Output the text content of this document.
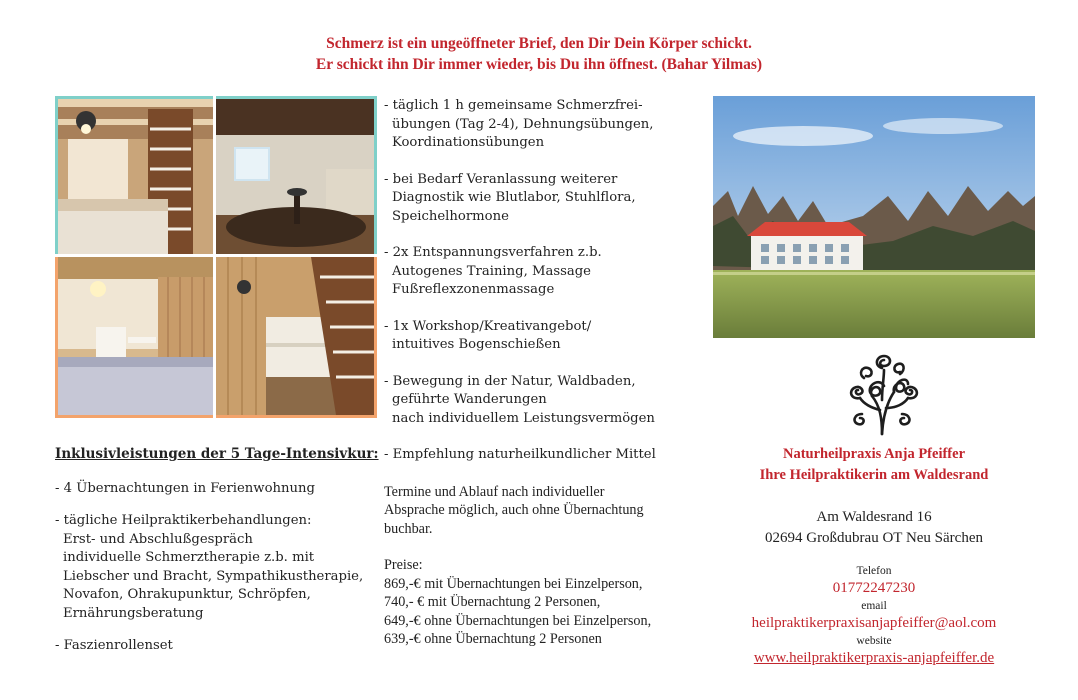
Schmerz ist ein ungeöffneter Brief, den Dir Dein Körper schickt.
Er schickt ihn Dir immer wieder, bis Du ihn öffnest. (Bahar Yilmas)
Inklusivleistungen der 5 Tage-Intensivkur:
- 4 Übernachtungen in Ferienwohnung
- tägliche Heilpraktikerbehandlungen:
Erst- und Abschlußgespräch
individuelle Schmerztherapie z.b. mit
Liebscher und Bracht, Sympathikustherapie,
Novafon, Ohrakupunktur, Schröpfen,
Ernährungsberatung
- Faszienrollenset
- täglich 1 h gemeinsame Schmerzfrei-
übungen (Tag 2-4), Dehnungsübungen,
Koordinationsübungen
- bei Bedarf Veranlassung weiterer
Diagnostik wie Blutlabor, Stuhlflora,
Speichelhormone
- 2x Entspannungsverfahren z.b.
Autogenes Training, Massage
Fußreflexzonenmassage
- 1x Workshop/Kreativangebot/
intuitives Bogenschießen
- Bewegung in der Natur, Waldbaden,
geführte Wanderungen
nach individuellem Leistungsvermögen
- Empfehlung naturheilkundlicher Mittel
Termine und Ablauf nach individueller
Absprache möglich, auch ohne Übernachtung
buchbar.
Preise:
869,-€ mit Übernachtungen bei Einzelperson,
740,- € mit Übernachtung 2 Personen,
649,-€ ohne Übernachtungen bei Einzelperson,
639,-€ ohne Übernachtung 2 Personen
Naturheilpraxis Anja Pfeiffer
Ihre Heilpraktikerin am Waldesrand
Am Waldesrand 16
02694 Großdubrau OT Neu Särchen
Telefon
01772247230
email
heilpraktikerpraxisanjapfeiffer@aol.com
website
www.heilpraktikerpraxis-anjapfeiffer.de
